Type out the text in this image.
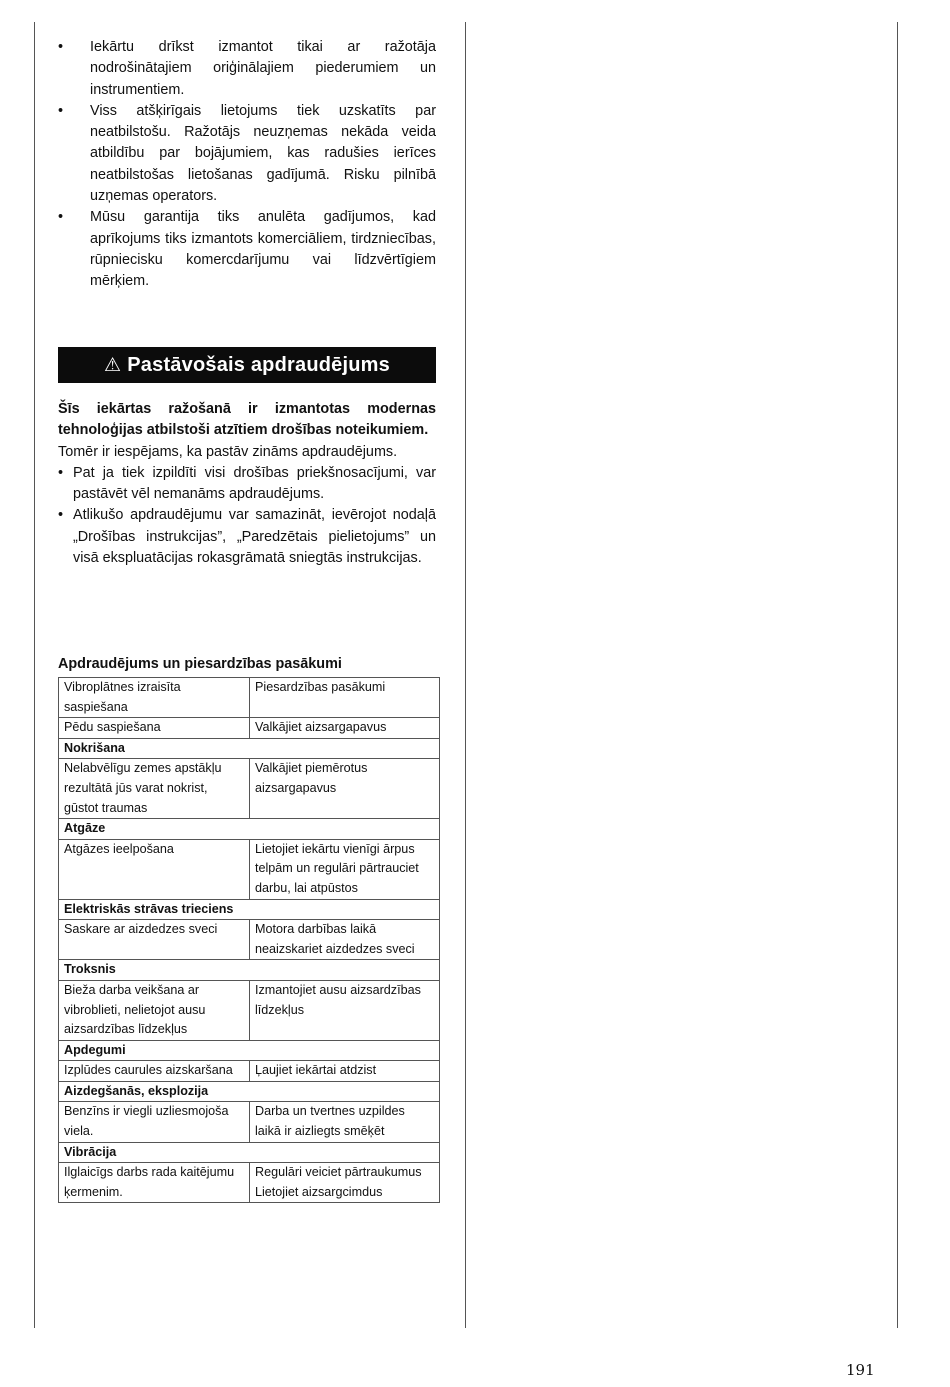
• Iekārtu drīkst izmantot tikai ar ražotāja nodrošinātajiem oriģinālajiem piederumiem un instrumentiem.
• Viss atšķirīgais lietojums tiek uzskatīts par neatbilstošu. Ražotājs neuzņemas nekāda veida atbildību par bojājumiem, kas radušies ierīces neatbilstošas lietošanas gadījumā. Risku pilnībā uzņemas operators.
• Mūsu garantija tiks anulēta gadījumos, kad aprīkojums tiks izmantots komerciāliem, tirdzniecības, rūpniecisku komercdarījumu vai līdzvērtīgiem mērķiem.
⚠ Pastāvošais apdraudējums

Šīs iekārtas ražošanā ir izmantotas modernas tehnoloģijas atbilstoši atzītiem drošības noteikumiem.

Tomēr ir iespējams, ka pastāv zināms apdraudējums.

• Pat ja tiek izpildīti visi drošības priekšnosacījumi, var pastāvēt vēl nemanāms apdraudējums.
• Atlikušo apdraudējumu var samazināt, ievērojot nodaļā „Drošības instrukcijas”, „Paredzētais pielietojums” un visā ekspluatācijas rokasgrāmatā sniegtās instrukcijas.
Apdraudējums un piesardzības pasākumi
Vibroplātnes izraisīta saspiešana	Piesardzības pasākumi
Pēdu saspiešana	Valkājiet aizsargapavus
Nokrišana	
Nelabvēlīgu zemes apstākļu rezultātā jūs varat nokrist, gūstot traumas	Valkājiet piemērotus aizsargapavus
Atgāze	
Atgāzes ieelpošana	Lietojiet iekārtu vienīgi ārpus telpām un regulāri pārtrauciet darbu, lai atpūstos
Elektriskās strāvas trieciens	
Saskare ar aizdedzes sveci	Motora darbības laikā neaizskariet aizdedzes sveci
Troksnis	
Bieža darba veikšana ar vibroblieti, nelietojot ausu aizsardzības līdzekļus	Izmantojiet ausu aizsardzības līdzekļus
Apdegumi	
Izplūdes caurules aizskaršana	Ļaujiet iekārtai atdzist
Aizdegšanās, eksplozija	
Benzīns ir viegli uzliesmojoša viela.	Darba un tvertnes uzpildes laikā ir aizliegts smēķēt
Vibrācija	
Ilglaicīgs darbs rada kaitējumu ķermenim.	Regulāri veiciet pārtraukumus Lietojiet aizsargcimdus
191
